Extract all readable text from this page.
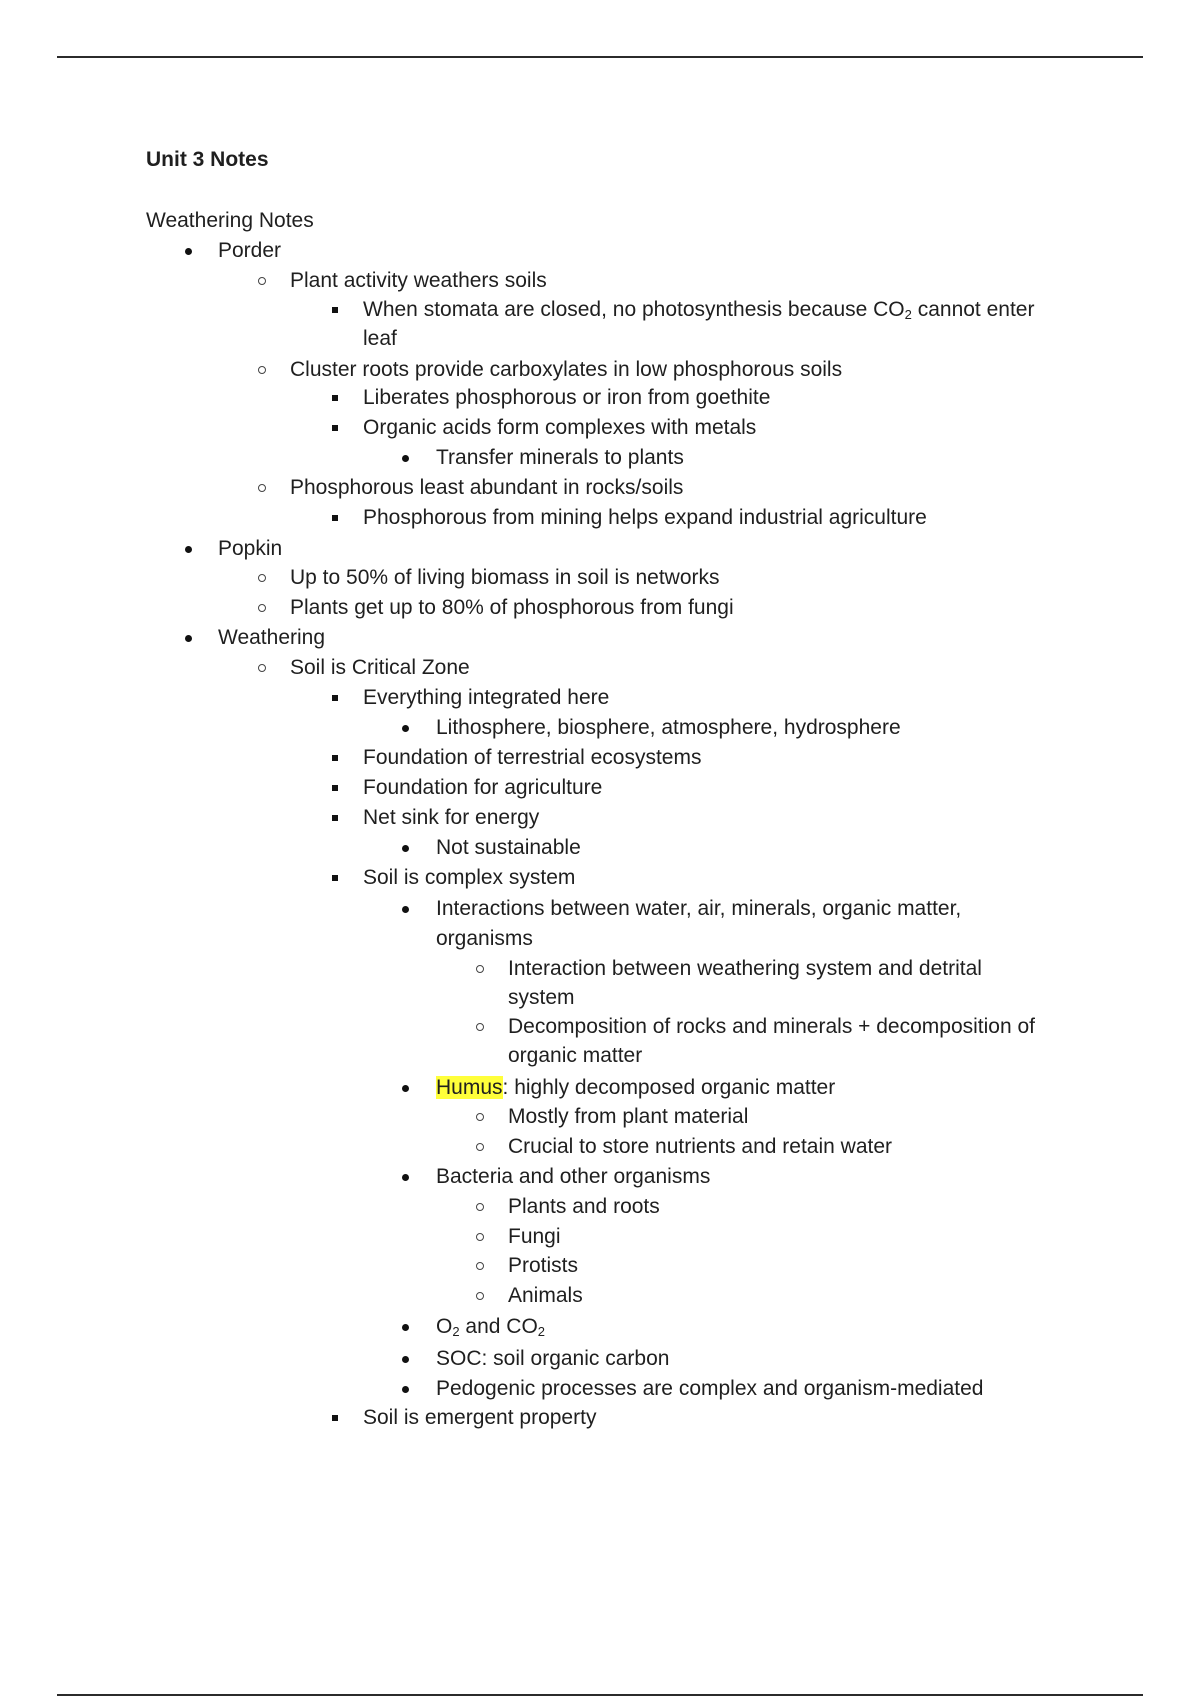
Unit 3 Notes
Weathering Notes
Porder
Plant activity weathers soils
When stomata are closed, no photosynthesis because $CO_2$ cannot enter
leaf
Cluster roots provide carboxylates in low phosphorous soils
Liberates phosphorous or iron from goethite
Organic acids form complexes with metals
Transfer minerals to plants
Phosphorous least abundant in rocks/soils
Phosphorous from mining helps expand industrial agriculture
Popkin
Up to 50% of living biomass in soil is networks
Plants get up to 80% of phosphorous from fungi
Weathering
Soil is Critical Zone
Everything integrated here
Lithosphere, biosphere, atmosphere, hydrosphere
Foundation of terrestrial ecosystems
Foundation for agriculture
Net sink for energy
Not sustainable
Soil is complex system
Interactions between water, air, minerals, organic matter,
organisms
Interaction between weathering system and detrital
system
Decomposition of rocks and minerals + decomposition of
organic matter
Humus: highly decomposed organic matter
Mostly from plant material
Crucial to store nutrients and retain water
Bacteria and other organisms
Plants and roots
Fungi
Protists
Animals
$O_2$ and $CO_2$
SOC: soil organic carbon
Pedogenic processes are complex and organism-mediated
Soil is emergent property
